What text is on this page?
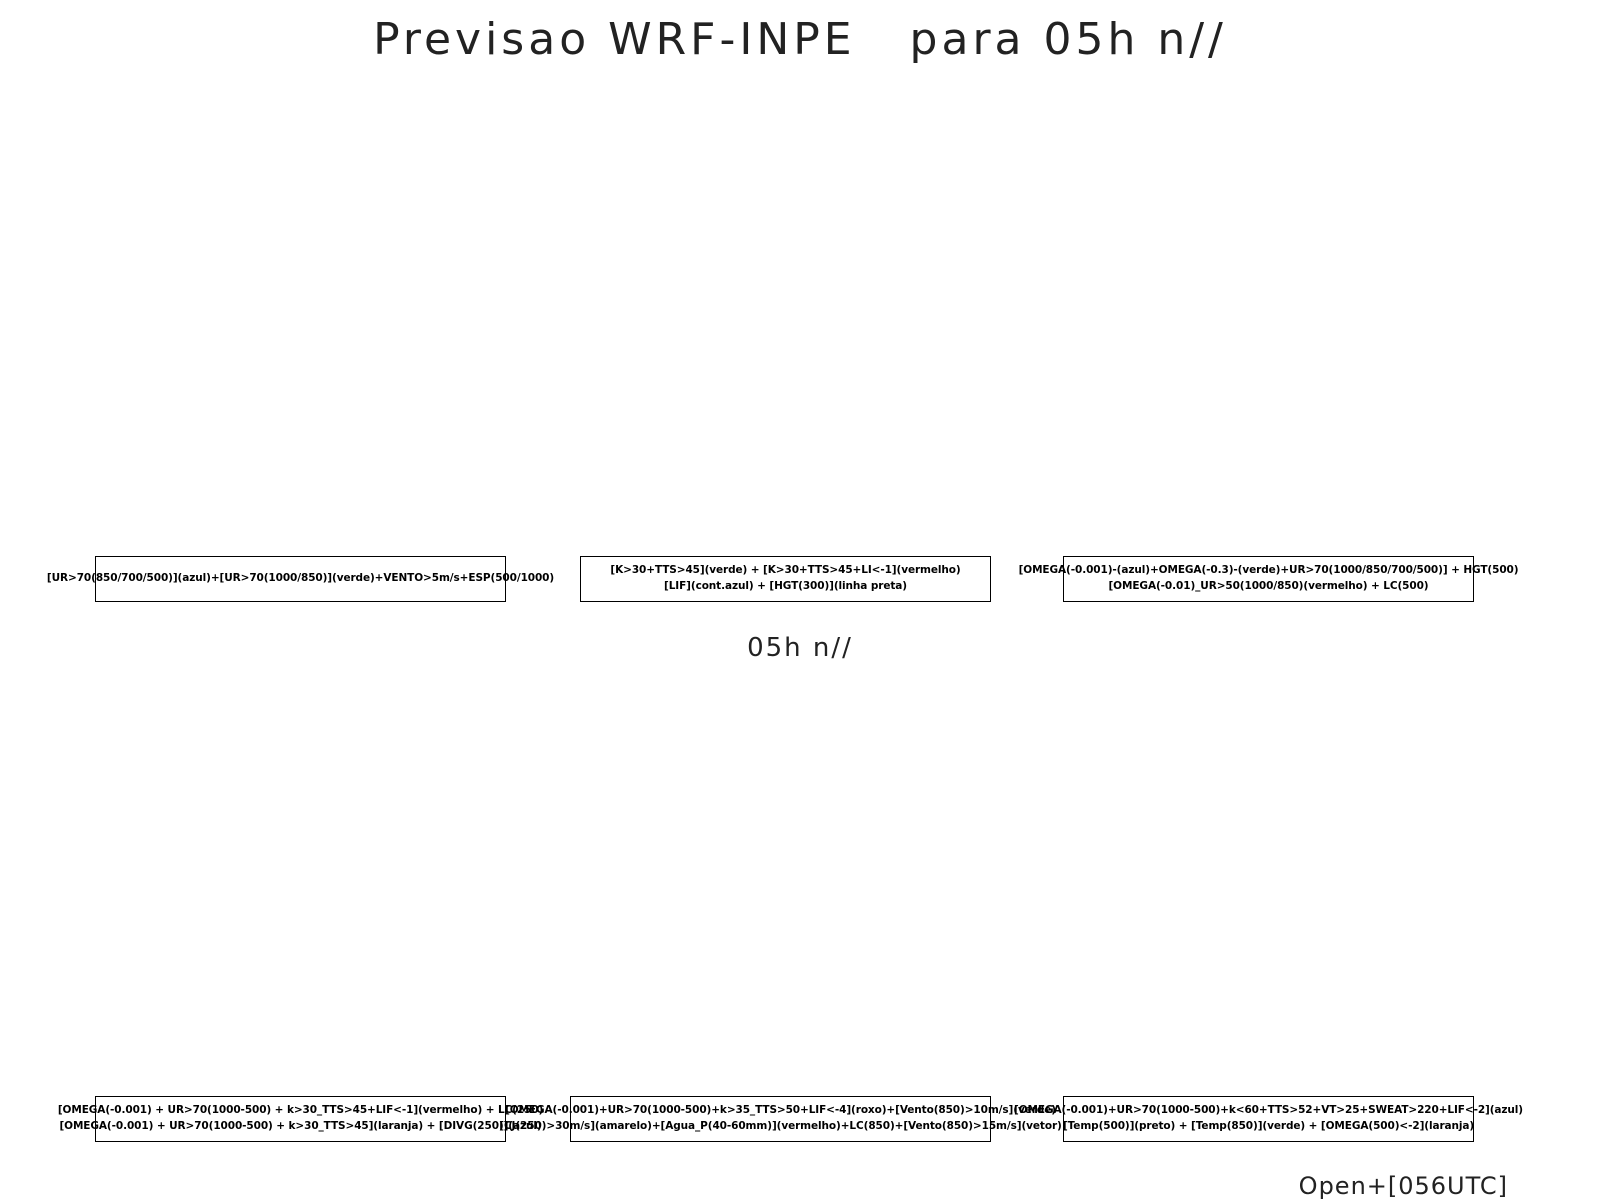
Previsao WRF-INPE   para 05h n//
[UR>70(850/700/500)](azul)+[UR>70(1000/850)](verde)+VENTO>5m/s+ESP(500/1000)
[K>30+TTS>45](verde) + [K>30+TTS>45+LI<-1](vermelho)
[LIF](cont.azul) + [HGT(300)](linha preta)
[OMEGA(-0.001)-(azul)+OMEGA(-0.3)-(verde)+UR>70(1000/850/700/500)] + HGT(500)
[OMEGA(-0.01)_UR>50(1000/850)(vermelho) + LC(500)
05h n//
[OMEGA(-0.001) + UR>70(1000-500) + k>30_TTS>45+LIF<-1](vermelho) + LC(250)
[OMEGA(-0.001) + UR>70(1000-500) + k>30_TTS>45](laranja) + [DIVG(250)](azul)
[OMEGA(-0.001)+UR>70(1000-500)+k>35_TTS>50+LIF<-4](roxo)+[Vento(850)>10m/s](verde)
[CJ(250)>30m/s](amarelo)+[Agua_P(40-60mm)](vermelho)+LC(850)+[Vento(850)>15m/s](vetor)
[OMEGA(-0.001)+UR>70(1000-500)+k<60+TTS>52+VT>25+SWEAT>220+LIF<-2](azul)
[Temp(500)](preto) + [Temp(850)](verde) + [OMEGA(500)<-2](laranja)
Open+[056UTC]
